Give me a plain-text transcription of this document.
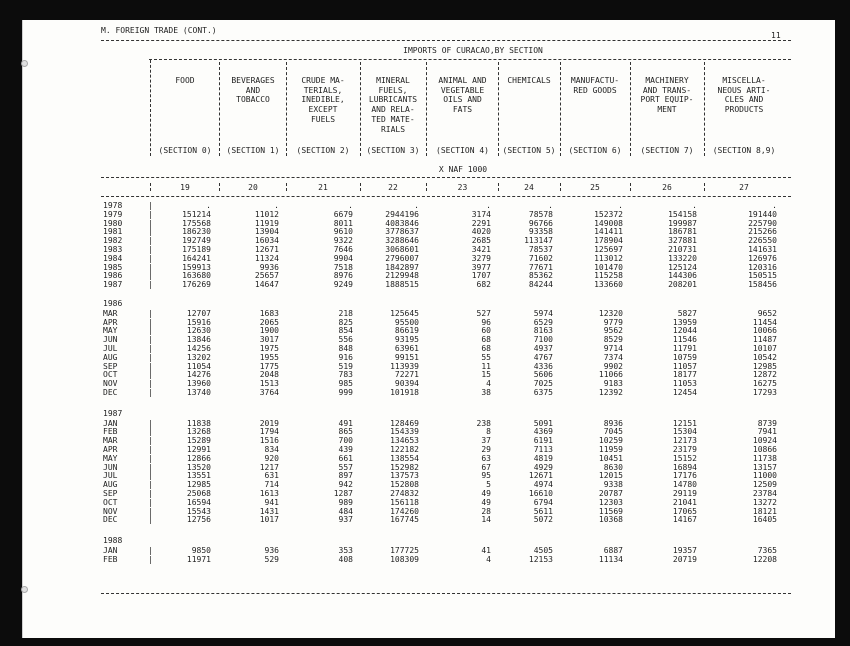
M. FOREIGN TRADE (CONT.)
11
IMPORTS OF CURACAO,BY SECTION
FOOD
(SECTION 0)
BEVERAGES
AND
TOBACCO
(SECTION 1)
CRUDE MA-
TERIALS,
INEDIBLE,
EXCEPT
FUELS
(SECTION 2)
MINERAL
FUELS,
LUBRICANTS
AND RELA-
TED MATE-
RIALS
(SECTION 3)
ANIMAL AND
VEGETABLE
OILS AND
FATS
(SECTION 4)
CHEMICALS
(SECTION 5)
MANUFACTU-
RED GOODS
(SECTION 6)
MACHINERY
AND TRANS-
PORT EQUIP-
MENT
(SECTION 7)
MISCELLA-
NEOUS ARTI-
CLES AND
PRODUCTS
(SECTION 8,9)
X NAF 1000
19	20	21	22	23	24	25	26	27
1978	|	.	.	.	.	.	.	.	.	.
1979	|	151214	11012	6679	2944196	3174	78578	152372	154158	191440
1980	|	175568	11919	8011	4083846	2291	96766	149008	199987	225790
1981	|	186230	13904	9610	3778637	4020	93358	141411	186781	215266
1982	|	192749	16034	9322	3288646	2685	113147	178904	327881	226550
1983	|	175189	12671	7646	3068601	3421	78537	125697	210731	141631
1984	|	164241	11324	9904	2796007	3279	71602	113012	133220	126976
1985	|	159913	9936	7518	1842897	3977	77671	101470	125124	120316
1986	|	163680	25657	8976	2129948	1707	85362	115258	144306	150515
1987	|	176269	14647	9249	1888515	682	84244	133660	208201	158456
1986
MAR	|	12707	1683	218	125645	527	5974	12320	5827	9652
APR	|	15916	2065	825	95500	96	6529	9779	13959	11454
MAY	|	12630	1900	854	86619	60	8163	9562	12044	10066
JUN	|	13846	3017	556	93195	68	7100	8529	11546	11487
JUL	|	14256	1975	848	63961	68	4937	9714	11791	10107
AUG	|	13202	1955	916	99151	55	4767	7374	10759	10542
SEP	|	11054	1775	519	113939	11	4336	9902	11057	12985
OCT	|	14276	2048	783	72271	15	5606	11066	18177	12872
NOV	|	13960	1513	985	90394	4	7025	9183	11053	16275
DEC	|	13740	3764	999	101918	38	6375	12392	12454	17293
1987
JAN	|	11838	2019	491	128469	238	5091	8936	12151	8739
FEB	|	13268	1794	865	154339	8	4369	7045	15304	7941
MAR	|	15289	1516	700	134653	37	6191	10259	12173	10924
APR	|	12991	834	439	122182	29	7113	11959	23179	10866
MAY	|	12866	920	661	138554	63	4819	10451	15152	11738
JUN	|	13520	1217	557	152982	67	4929	8630	16894	13157
JUL	|	13551	631	897	137573	95	12671	12015	17176	11000
AUG	|	12985	714	942	152808	5	4974	9338	14780	12509
SEP	|	25068	1613	1287	274832	49	16610	20787	29119	23784
OCT	|	16594	941	989	156118	49	6794	12303	21041	13272
NOV	|	15543	1431	484	174260	28	5611	11569	17065	18121
DEC	|	12756	1017	937	167745	14	5072	10368	14167	16405
1988
JAN	|	9850	936	353	177725	41	4505	6887	19357	7365
FEB	|	11971	529	408	108309	4	12153	11134	20719	12208
